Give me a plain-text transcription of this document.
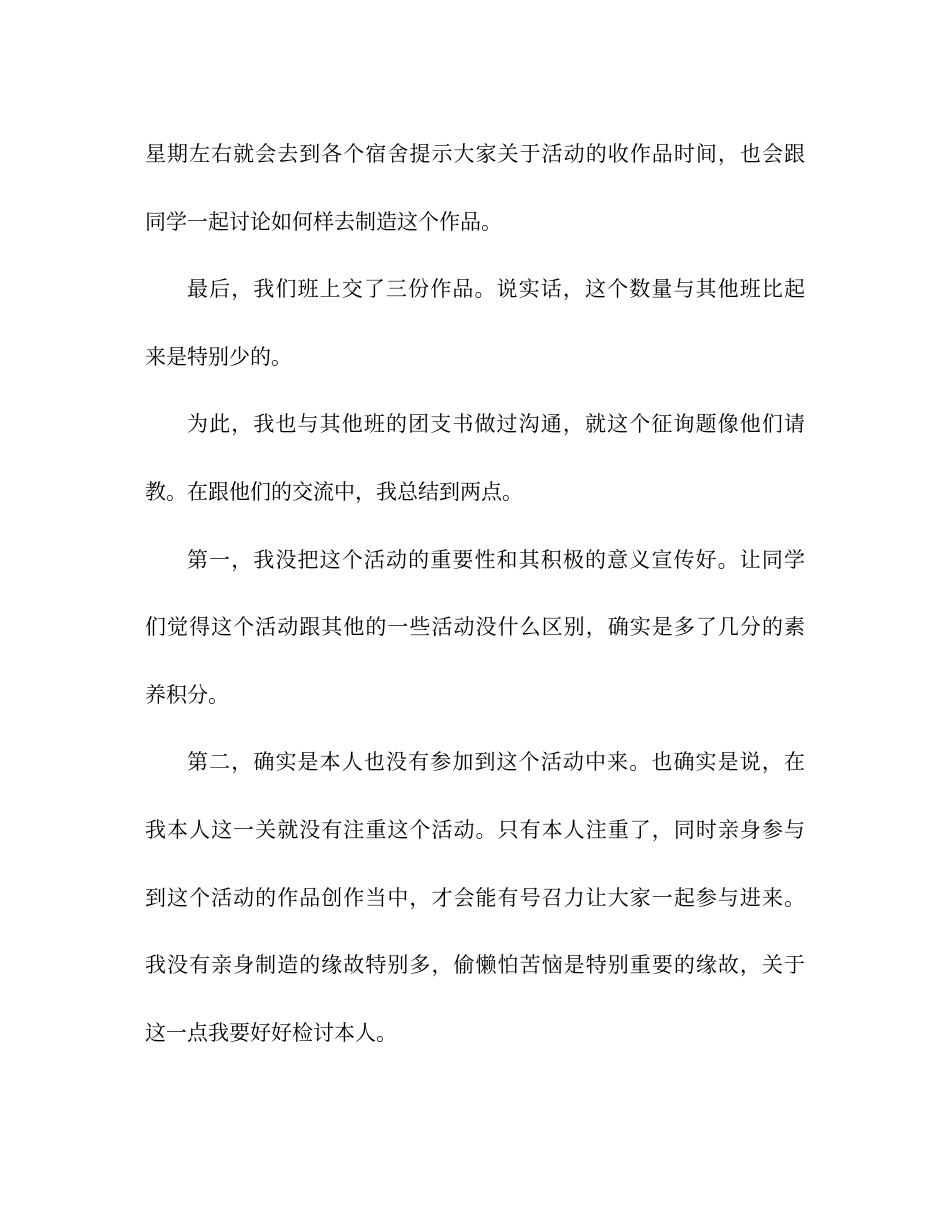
星期左右就会去到各个宿舍提示大家关于活动的收作品时间，也会跟
同学一起讨论如何样去制造这个作品。
最后，我们班上交了三份作品。说实话，这个数量与其他班比起
来是特别少的。
为此，我也与其他班的团支书做过沟通，就这个征询题像他们请
教。在跟他们的交流中，我总结到两点。
第一，我没把这个活动的重要性和其积极的意义宣传好。让同学
们觉得这个活动跟其他的一些活动没什么区别，确实是多了几分的素
养积分。
第二，确实是本人也没有参加到这个活动中来。也确实是说，在
我本人这一关就没有注重这个活动。只有本人注重了，同时亲身参与
到这个活动的作品创作当中，才会能有号召力让大家一起参与进来。
我没有亲身制造的缘故特别多，偷懒怕苦恼是特别重要的缘故，关于
这一点我要好好检讨本人。
